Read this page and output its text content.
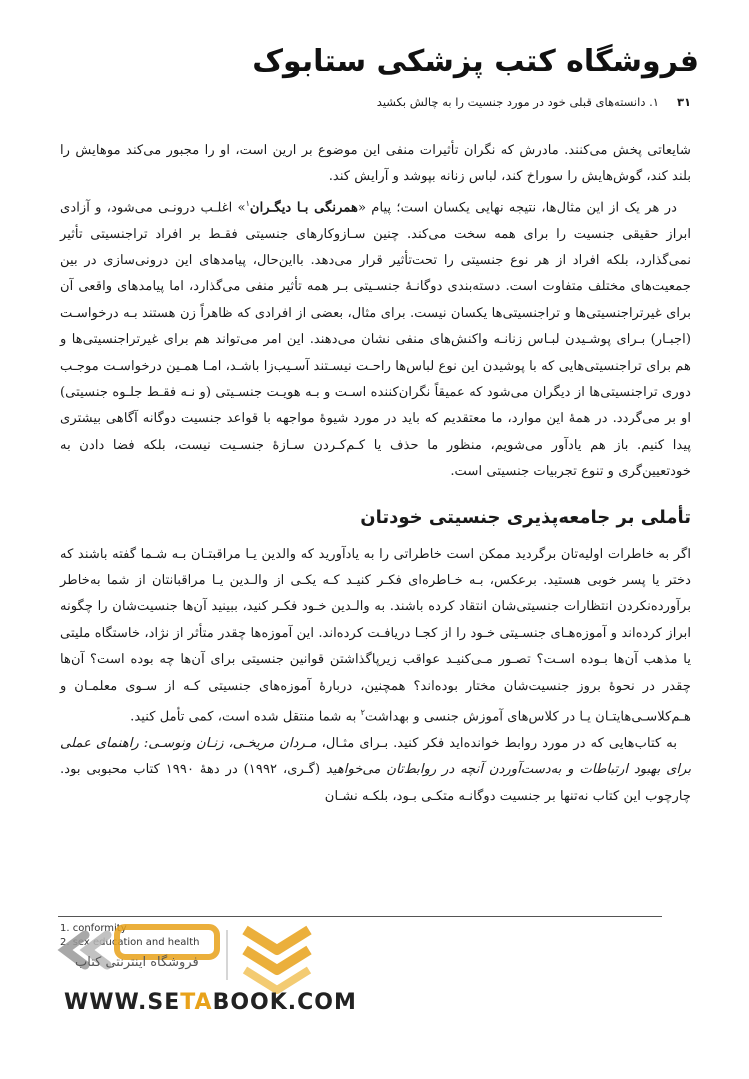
فروشگاه کتب پزشکی ستابوک
۳۱
۱. دانسته‌های قبلی خود در مورد جنسیت را به چالش بکشید

شایعاتی پخش می‌کنند. مادرش که نگران تأثیرات منفی این موضوع بر ارین است، او را مجبور می‌کند موهایش را بلند کند، گوش‌هایش را سوراخ کند، لباس زنانه بپوشد و آرایش کند.

در هر یک از این مثال‌ها، نتیجه نهایی یکسان است؛ پیام «همرنگی بـا دیگـران$^۱$» اغلـب درونـی می‌شود، و آزادی ابراز حقیقی جنسیت را برای همه سخت می‌کند. چنین سـازوکارهای جنسیتی فقـط بر افراد تراجنسیتی تأثیر نمی‌گذارد، بلکه افراد از هر نوع جنسیتی را تحت‌تأثیر قرار می‌دهد. بااین‌حال، پیامدهای این درونی‌سازی در بین جمعیت‌های مختلف متفاوت است. دسته‌بندی دوگانـۀ جنسـیتی بـر همه تأثیر منفی می‌گذارد، اما پیامدهای واقعی آن برای غیرتراجنسیتی‌ها و تراجنسیتی‌ها یکسان نیست. برای مثال، بعضی از افرادی که ظاهراً زن هستند بـه درخواسـت (اجبـار) بـرای پوشـیدن لبـاس زنانـه واکنش‌های منفی نشان می‌دهند. این امر می‌تواند هم برای غیرتراجنسیتی‌ها و هم برای تراجنسیتی‌هایی که با پوشیدن این نوع لباس‌ها راحـت نیسـتند آسـیب‌زا باشـد، امـا همـین درخواسـت موجـب دوری تراجنسیتی‌ها از دیگران می‌شود که عمیقاً نگران‌کننده اسـت و بـه هویـت جنسـیتی (و نـه فقـط جلـوه جنسیتی) او بر می‌گردد. در همهٔ این موارد، ما معتقدیم که باید در مورد شیوهٔ مواجهه با قواعد جنسیت دوگانه آگاهی بیشتری پیدا کنیم. باز هم یادآور می‌شویم، منظور ما حذف یا کـم‌کـردن سـازهٔ جنسـیت نیست، بلکه فضا دادن به خودتعیین‌گری و تنوع تجربیات جنسیتی است.

تأملی بر جامعه‌پذیری جنسیتی خودتان

اگر به خاطرات اولیه‌تان برگردید ممکن است خاطراتی را به یادآورید که والدین یـا مراقبتـان بـه شـما گفته باشند که دختر یا پسر خوبی هستید. برعکس، بـه خـاطره‌ای فکـر کنیـد کـه یکـی از والـدین یـا مراقبانتان از شما به‌خاطر برآورده‌نکردن انتظارات جنسیتی‌شان انتقاد کرده باشند. به والـدین خـود فکـر کنید، ببینید آن‌ها جنسیت‌شان را چگونه ابراز کرده‌اند و آموزه‌هـای جنسـیتی خـود را از کجـا دریافـت کرده‌اند. این آموزه‌ها چقدر متأثر از نژاد، خاستگاه ملیتی یا مذهب آن‌ها بـوده اسـت؟ تصـور مـی‌کنیـد عواقب زیرپاگذاشتن قوانین جنسیتی برای آن‌ها چه بوده است؟ آن‌ها چقدر در نحوهٔ بروز جنسیت‌شان مختار بوده‌اند؟ همچنین، دربارهٔ آموزه‌های جنسیتی کـه از سـوی معلمـان و هـم‌کلاسـی‌هایتـان یـا در کلاس‌های آموزش جنسی و بهداشت$^۲$ به شما منتقل شده است، کمی تأمل کنید.

به کتاب‌هایی که در مورد روابط خوانده‌اید فکر کنید. بـرای مثـال، مـردان مریخـی، زنـان ونوسـی: راهنمای عملی برای بهبود ارتباطات و به‌دست‌آوردن آنچه در روابط‌تان می‌خواهید (گـری، ۱۹۹۲) در دههٔ ۱۹۹۰ کتاب محبوبی بود. چارچوب این کتاب نه‌تنها بر جنسیت دوگانـه متکـی بـود، بلکـه نشـان

1. conformity
2. sex education and health
فروشگاه اینترنتی کتاب
WWW.SETABOOK.COM
